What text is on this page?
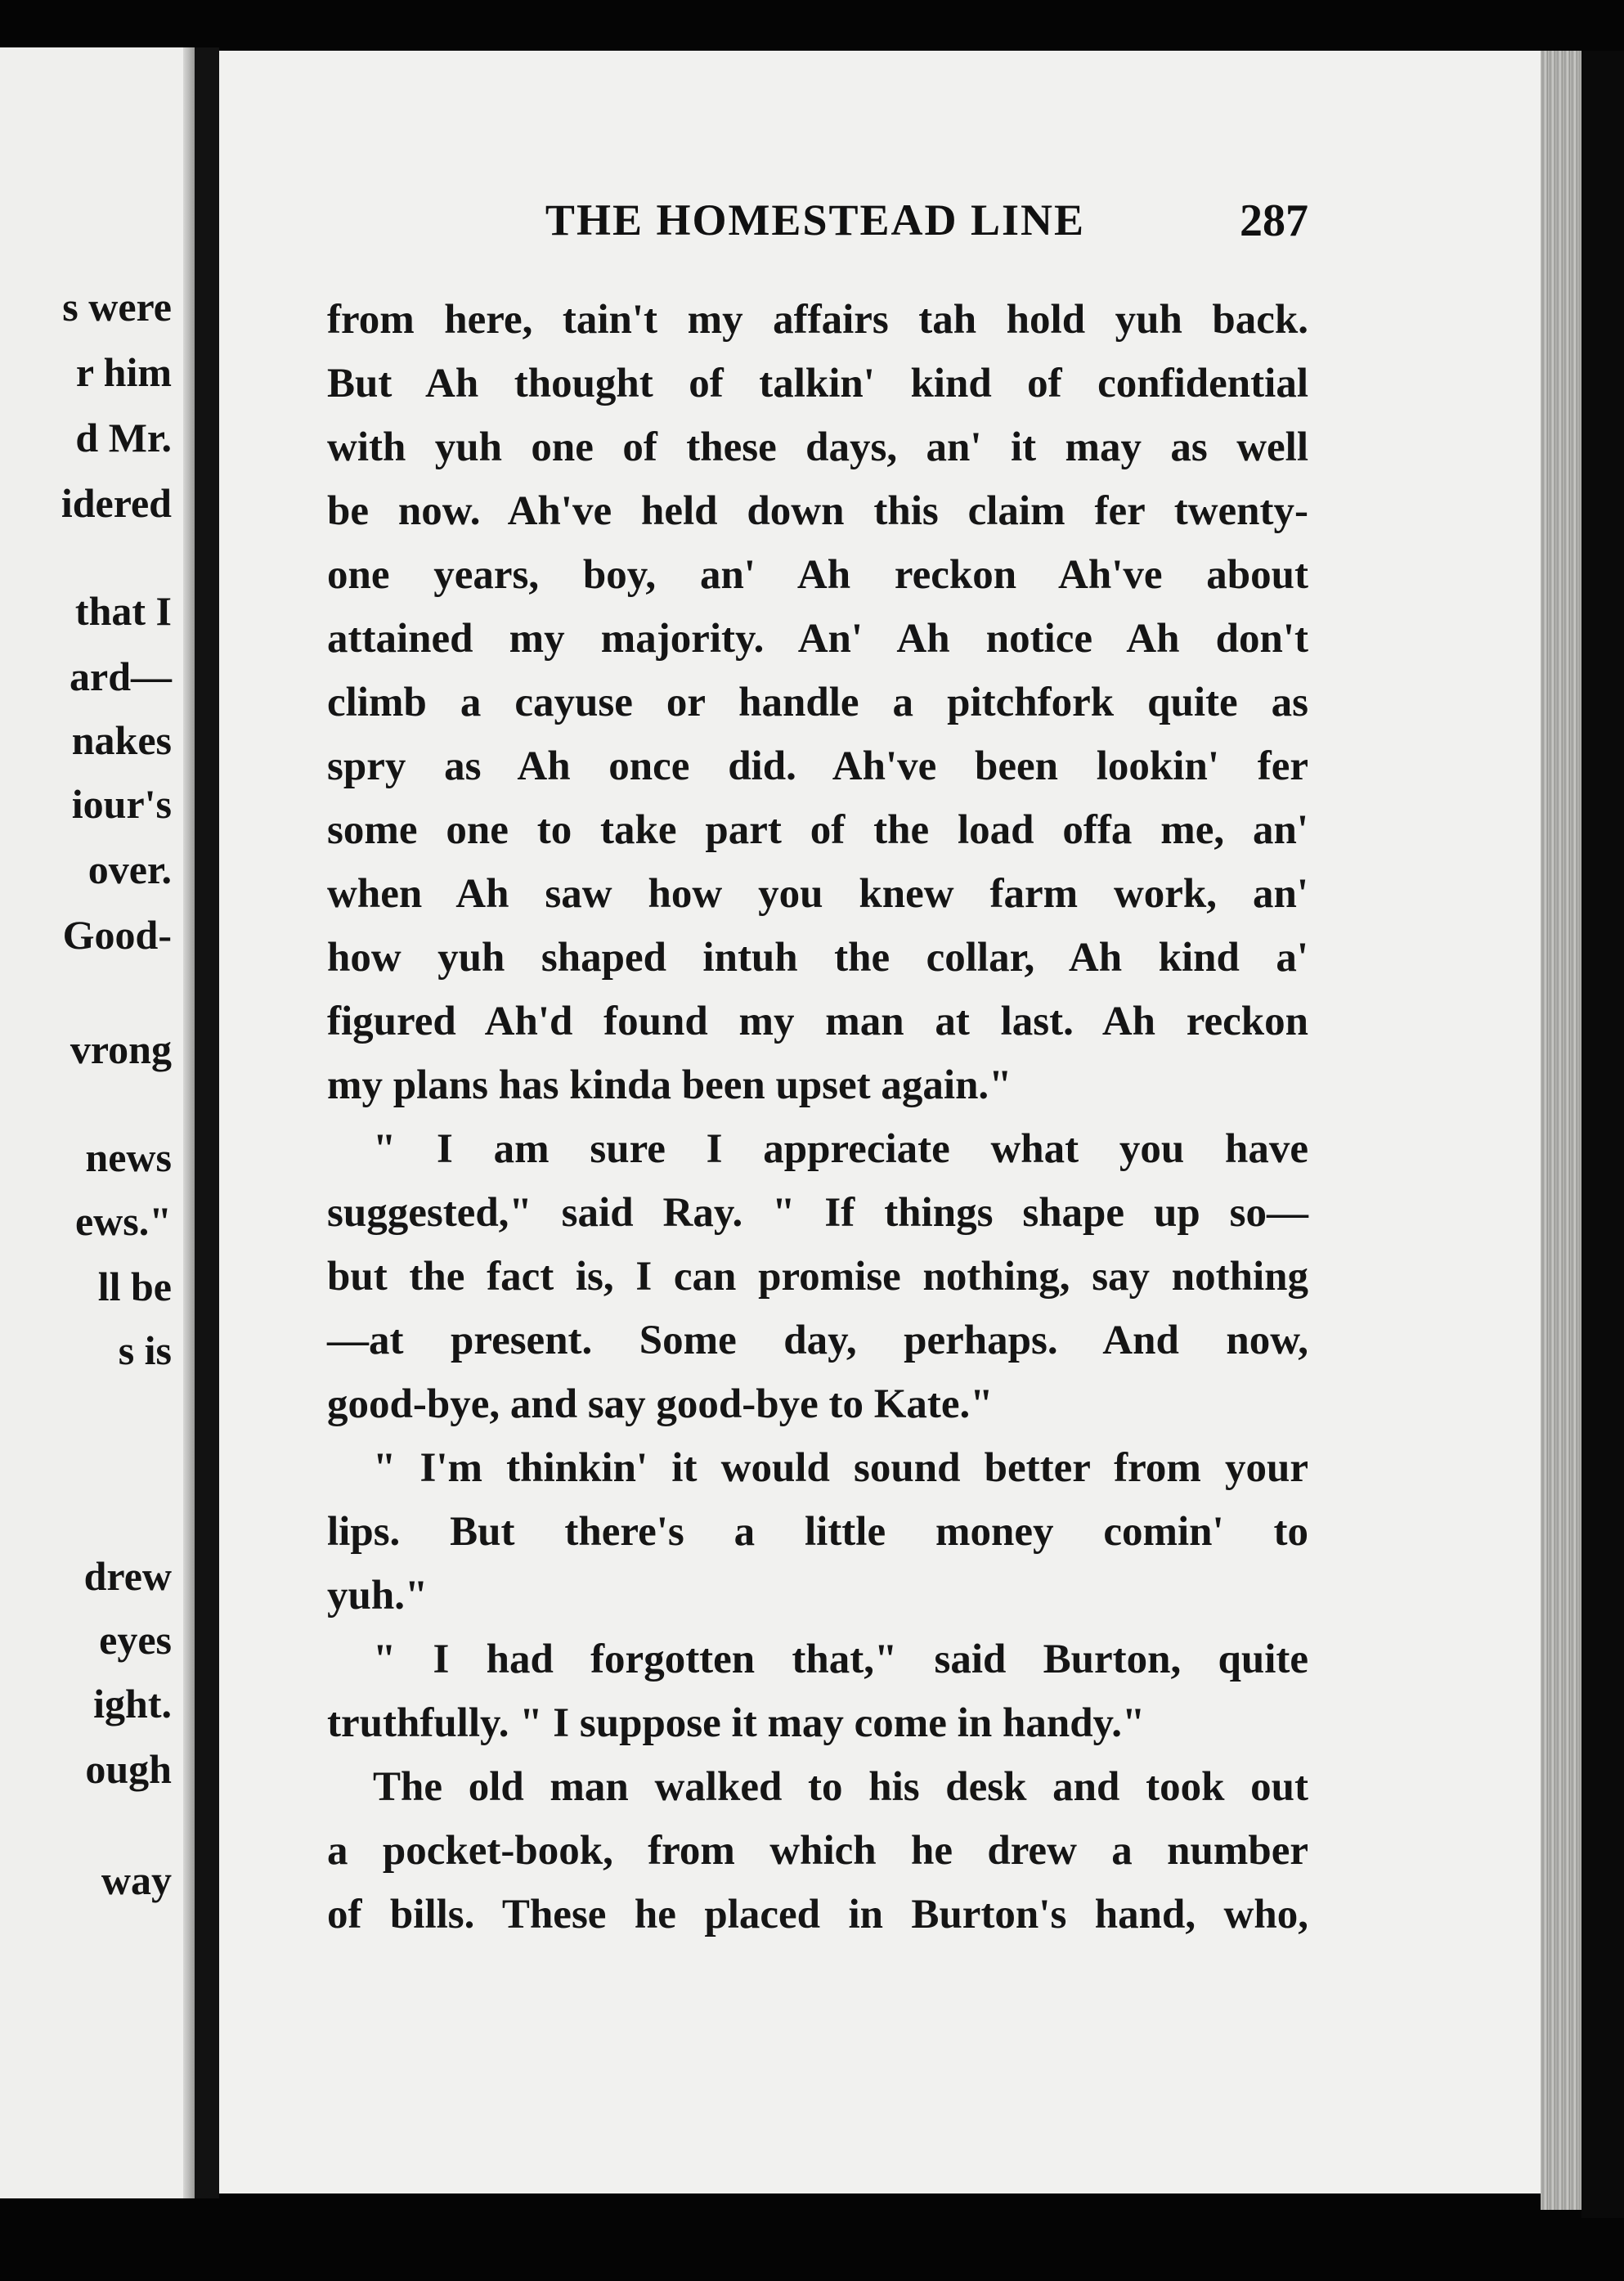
s were

r him

d Mr.

idered

that I

ard—

nakes

iour's

over.

Good-

vrong

news

ews."

ll be

s is

drew

eyes

ight.

ough

way

THE HOMESTEAD LINE	287

from here, tain't my affairs tah hold yuh back.
But Ah thought of talkin' kind of confidential
with yuh one of these days, an' it may as well
be now. Ah've held down this claim fer twenty-
one years, boy, an' Ah reckon Ah've about
attained my majority. An' Ah notice Ah don't
climb a cayuse or handle a pitchfork quite as
spry as Ah once did. Ah've been lookin' fer
some one to take part of the load offa me, an'
when Ah saw how you knew farm work, an'
how yuh shaped intuh the collar, Ah kind a'
figured Ah'd found my man at last. Ah reckon
my plans has kinda been upset again."
" I am sure I appreciate what you have
suggested," said Ray. " If things shape up so—
but the fact is, I can promise nothing, say nothing
—at present. Some day, perhaps. And now,
good-bye, and say good-bye to Kate."
" I'm thinkin' it would sound better from your
lips. But there's a little money comin' to
yuh."
" I had forgotten that," said Burton, quite
truthfully. " I suppose it may come in handy."
The old man walked to his desk and took out
a pocket-book, from which he drew a number
of bills. These he placed in Burton's hand, who,
